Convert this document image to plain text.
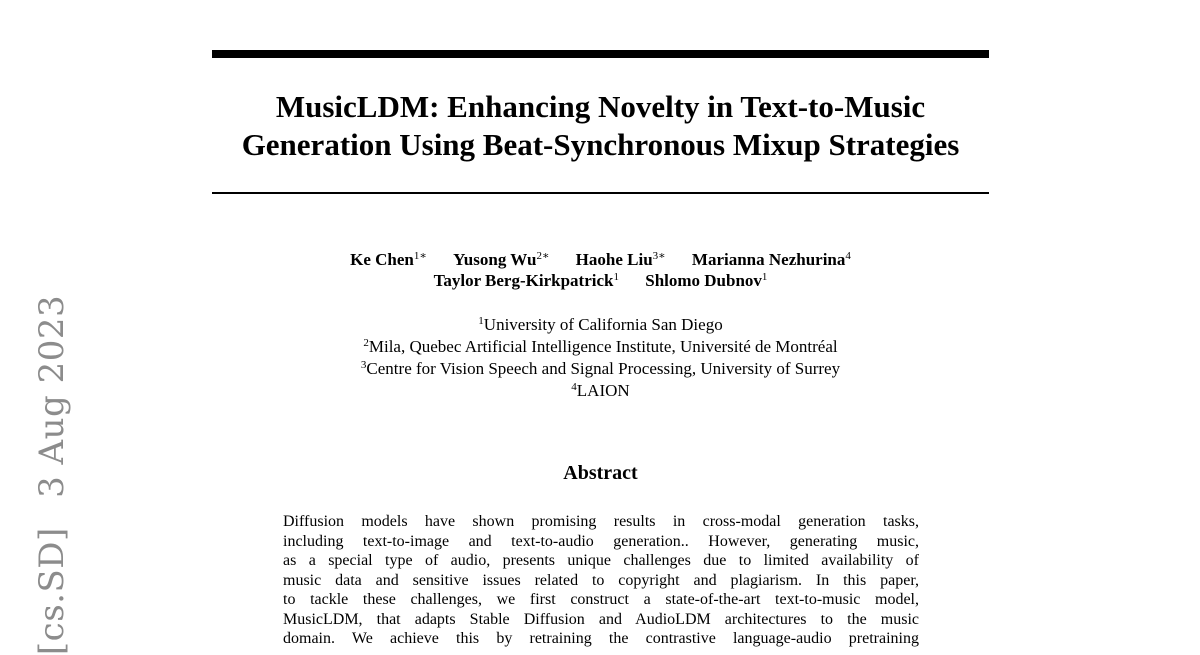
[cs.SD] 3 Aug 2023
MusicLDM: Enhancing Novelty in Text-to-Music
Generation Using Beat-Synchronous Mixup Strategies
Ke Chen$^{1∗}$ Yusong $Wu^{2∗}$ Haohe Liu$^{3∗}$ Marianna Nezhurina$^4$
Taylor Berg-Kirkpatrick$^1$ Shlomo Dubnov$^1$
$^1$University of California San Diego
$^2$Mila, Quebec Artificial Intelligence Institute, Université de Montréal
$^3$Centre for Vision Speech and Signal Processing, University of Surrey
$^4$LAION
Abstract
Diffusion models have shown promising results in cross-modal generation tasks,
including text-to-image and text-to-audio generation.. However, generating music,
as a special type of audio, presents unique challenges due to limited availability of
music data and sensitive issues related to copyright and plagiarism. In this paper,
to tackle these challenges, we first construct a state-of-the-art text-to-music model,
MusicLDM, that adapts Stable Diffusion and AudioLDM architectures to the music
domain. We achieve this by retraining the contrastive language-audio pretraining
